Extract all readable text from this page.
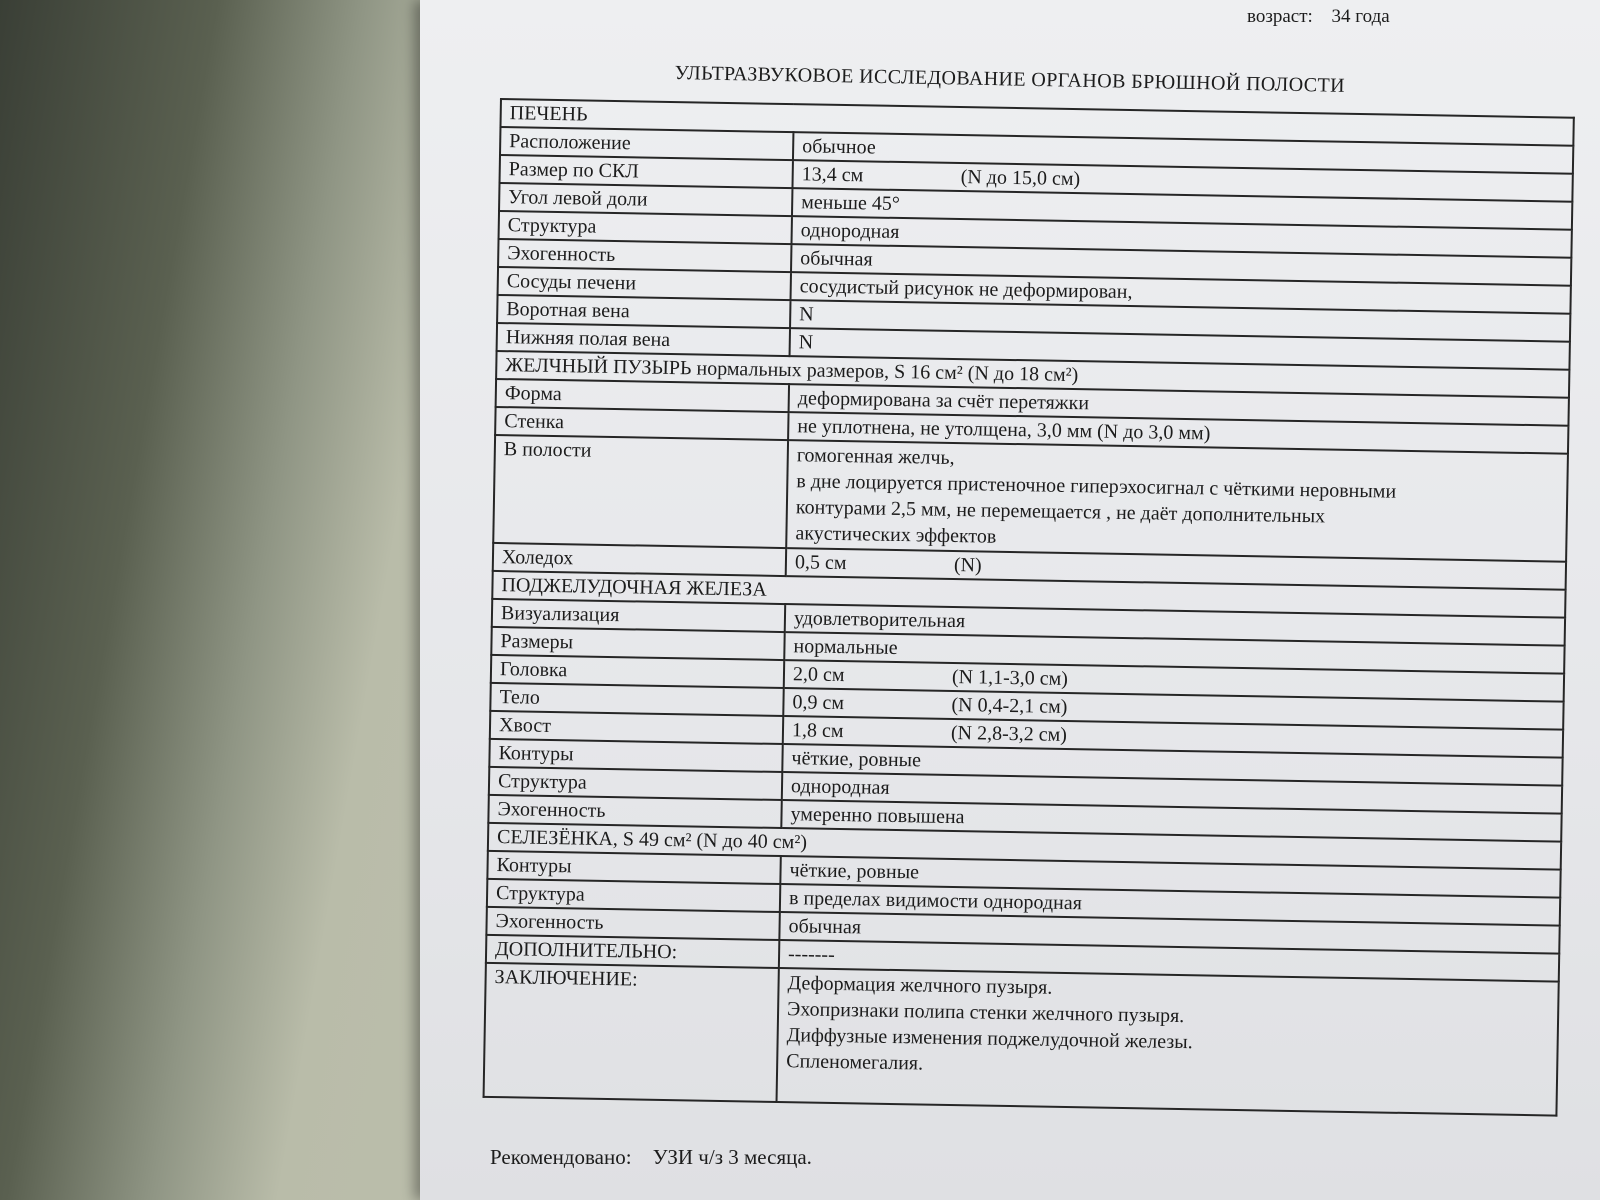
возраст: 34 года
УЛЬТРАЗВУКОВОЕ ИССЛЕДОВАНИЕ ОРГАНОВ БРЮШНОЙ ПОЛОСТИ
ПЕЧЕНЬ	
Расположение	обычное
Размер по СКЛ	13,4 см (N до 15,0 см)
Угол левой доли	меньше 45°
Структура	однородная
Эхогенность	обычная
Сосуды печени	сосудистый рисунок не деформирован,
Воротная вена	N
Нижняя полая вена	N
ЖЕЛЧНЫЙ ПУЗЫРЬ нормальных размеров, S 16 см² (N до 18 см²)	
Форма	деформирована за счёт перетяжки
Стенка	не уплотнена, не утолщена, 3,0 мм (N до 3,0 мм)
В полости	гомогенная желчь,
в дне лоцируется пристеночное гиперэхосигнал с чёткими неровными
контурами 2,5 мм, не перемещается , не даёт дополнительных
акустических эффектов

Холедох	0,5 см (N)
ПОДЖЕЛУДОЧНАЯ ЖЕЛЕЗА	
Визуализация	удовлетворительная
Размеры	нормальные
Головка	2,0 см (N 1,1-3,0 см)
Тело	0,9 см (N 0,4-2,1 см)
Хвост	1,8 см (N 2,8-3,2 см)
Контуры	чёткие, ровные
Структура	однородная
Эхогенность	умеренно повышена
СЕЛЕЗЁНКА, S 49 см² (N до 40 см²)	
Контуры	чёткие, ровные
Структура	в пределах видимости однородная
Эхогенность	обычная
ДОПОЛНИТЕЛЬНО:	-------
ЗАКЛЮЧЕНИЕ:	Деформация желчного пузыря.
Эхопризнаки полипа стенки желчного пузыря.
Диффузные изменения поджелудочной железы.
Спленомегалия.
Рекомендовано: УЗИ ч/з 3 месяца.
